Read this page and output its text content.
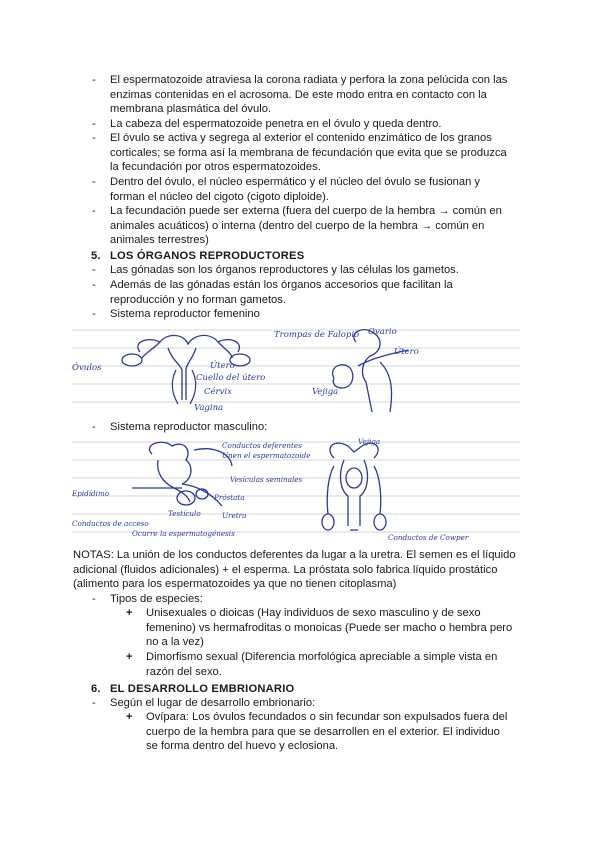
- El espermatozoide atraviesa la corona radiata y perfora la zona pelúcida con las enzimas contenidas en el acrosoma. De este modo entra en contacto con la membrana plasmática del óvulo.
- La cabeza del espermatozoide penetra en el óvulo y queda dentro.
- El óvulo se activa y segrega al exterior el contenido enzimático de los granos corticales; se forma así la membrana de fecundación que evita que se produzca la fecundación por otros espermatozoides.
- Dentro del óvulo, el núcleo espermático y el núcleo del óvulo se fusionan y forman el núcleo del cigoto (cigoto diploide).
- La fecundación puede ser externa (fuera del cuerpo de la hembra → común en animales acuáticos) o interna (dentro del cuerpo de la hembra → común en animales terrestres)
5. LOS ÓRGANOS REPRODUCTORES
- Las gónadas son los órganos reproductores y las células los gametos.
- Además de las gónadas están los órganos accesorios que facilitan la reproducción y no forman gametos.
- Sistema reproductor femenino
Trompas de Falopio
Óvulos	Útero
Cuello del útero
Cérvix
Vagina
Ovario
Útero
Vejiga
- Sistema reproductor masculino:
Conductos deferentes
Unen el espermatozoide
Vesículas seminales
Próstata
Epidídimo
Conductos de acceso
Testículo
Ocurre la espermatogénesis
Uretra
Vejiga
Conductos de Cowper
NOTAS: La unión de los conductos deferentes da lugar a la uretra. El semen es el líquido adicional (fluidos adicionales) + el esperma. La próstata solo fabrica líquido prostático (alimento para los espermatozoides ya que no tienen citoplasma)
- Tipos de especies:
+ Unisexuales o dioicas (Hay individuos de sexo masculino y de sexo femenino) vs hermafroditas o monoicas (Puede ser macho o hembra pero no a la vez)
+ Dimorfismo sexual (Diferencia morfológica apreciable a simple vista en razón del sexo.
6. EL DESARROLLO EMBRIONARIO
- Según el lugar de desarrollo embrionario:
+ Ovípara: Los óvulos fecundados o sin fecundar son expulsados fuera del cuerpo de la hembra para que se desarrollen en el exterior. El individuo se forma dentro del huevo y eclosiona.
